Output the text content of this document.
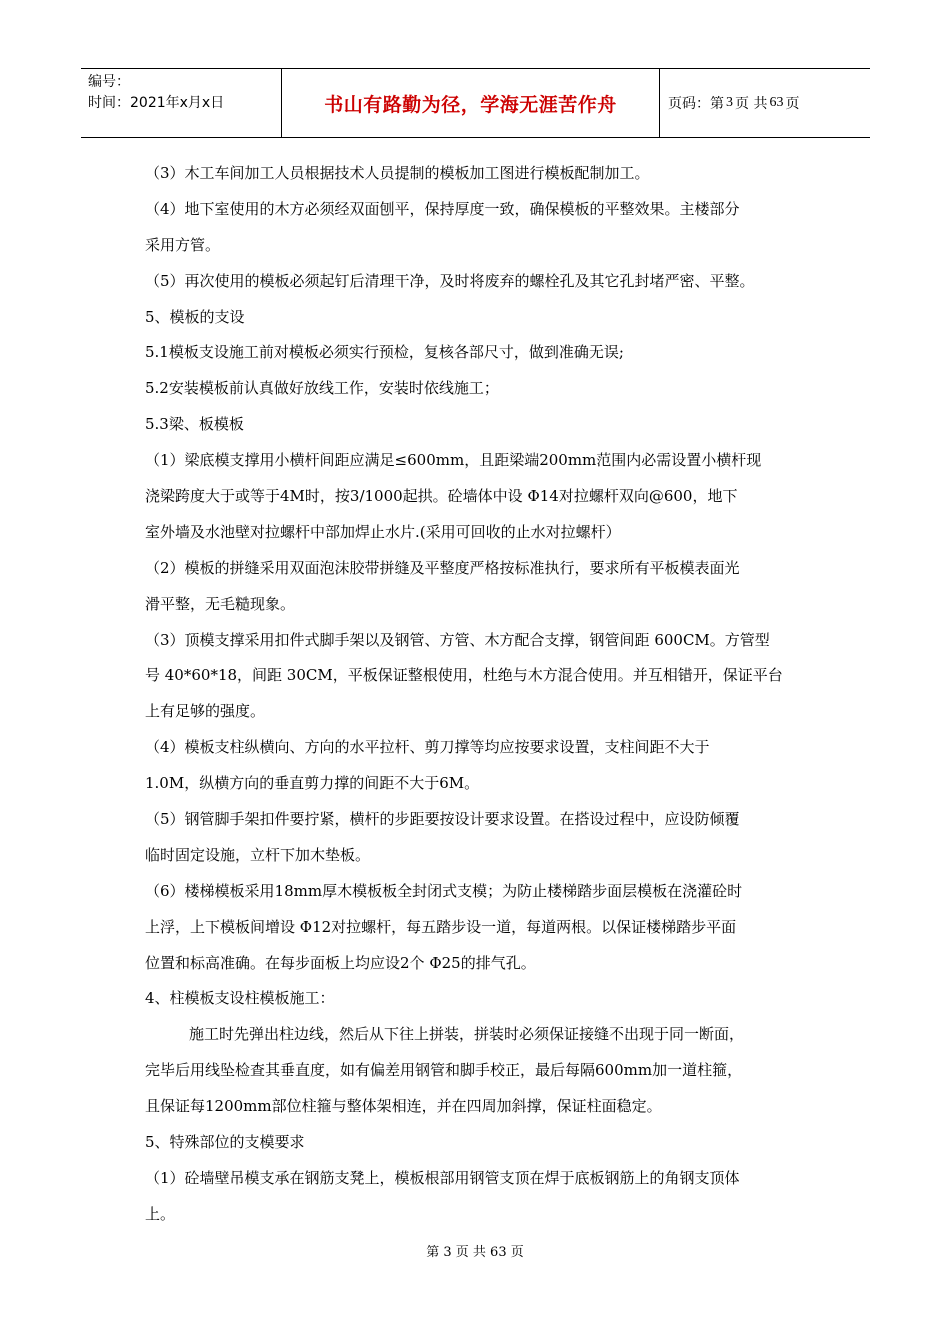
编号：
时间：2021年x月x日	书山有路勤为径，学海无涯苦作舟	页码：第 3 页 共 63 页
（3）木工车间加工人员根据技术人员提制的模板加工图进行模板配制加工。
（4）地下室使用的木方必须经双面刨平，保持厚度一致，确保模板的平整效果。主楼部分
采用方管。
（5）再次使用的模板必须起钉后清理干净，及时将废弃的螺栓孔及其它孔封堵严密、平整。
5、模板的支设
5.1模板支设施工前对模板必须实行预检，复核各部尺寸，做到准确无误;
5.2安装模板前认真做好放线工作，安装时依线施工；
5.3梁、板模板
（1）梁底模支撑用小横杆间距应满足≤600mm，且距梁端200mm范围内必需设置小横杆现
浇梁跨度大于或等于4M时，按3/1000起拱。砼墙体中设 Φ14对拉螺杆双向@600，地下
室外墙及水池壁对拉螺杆中部加焊止水片.(采用可回收的止水对拉螺杆）
（2）模板的拼缝采用双面泡沫胶带拼缝及平整度严格按标准执行，要求所有平板模表面光
滑平整，无毛糙现象。
（3）顶模支撑采用扣件式脚手架以及钢管、方管、木方配合支撑，钢管间距 600CM。方管型
号 40*60*18，间距 30CM，平板保证整根使用，杜绝与木方混合使用。并互相错开，保证平台
上有足够的强度。
（4）模板支柱纵横向、方向的水平拉杆、剪刀撑等均应按要求设置，支柱间距不大于
1.0M，纵横方向的垂直剪力撑的间距不大于6M。
（5）钢管脚手架扣件要拧紧，横杆的步距要按设计要求设置。在搭设过程中，应设防倾覆
临时固定设施，立杆下加木垫板。
（6）楼梯模板采用18mm厚木模板板全封闭式支模；为防止楼梯踏步面层模板在浇灌砼时
上浮，上下模板间增设 Φ12对拉螺杆，每五踏步设一道，每道两根。以保证楼梯踏步平面
位置和标高准确。在每步面板上均应设2个 Φ25的排气孔。
4、柱模板支设柱模板施工：
施工时先弹出柱边线，然后从下往上拼装，拼装时必须保证接缝不出现于同一断面，
完毕后用线坠检查其垂直度，如有偏差用钢管和脚手校正，最后每隔600mm加一道柱箍，
且保证每1200mm部位柱箍与整体架相连，并在四周加斜撑，保证柱面稳定。
5、特殊部位的支模要求
（1）砼墙壁吊模支承在钢筋支凳上，模板根部用钢管支顶在焊于底板钢筋上的角钢支顶体
上。
第 3 页 共 63 页
